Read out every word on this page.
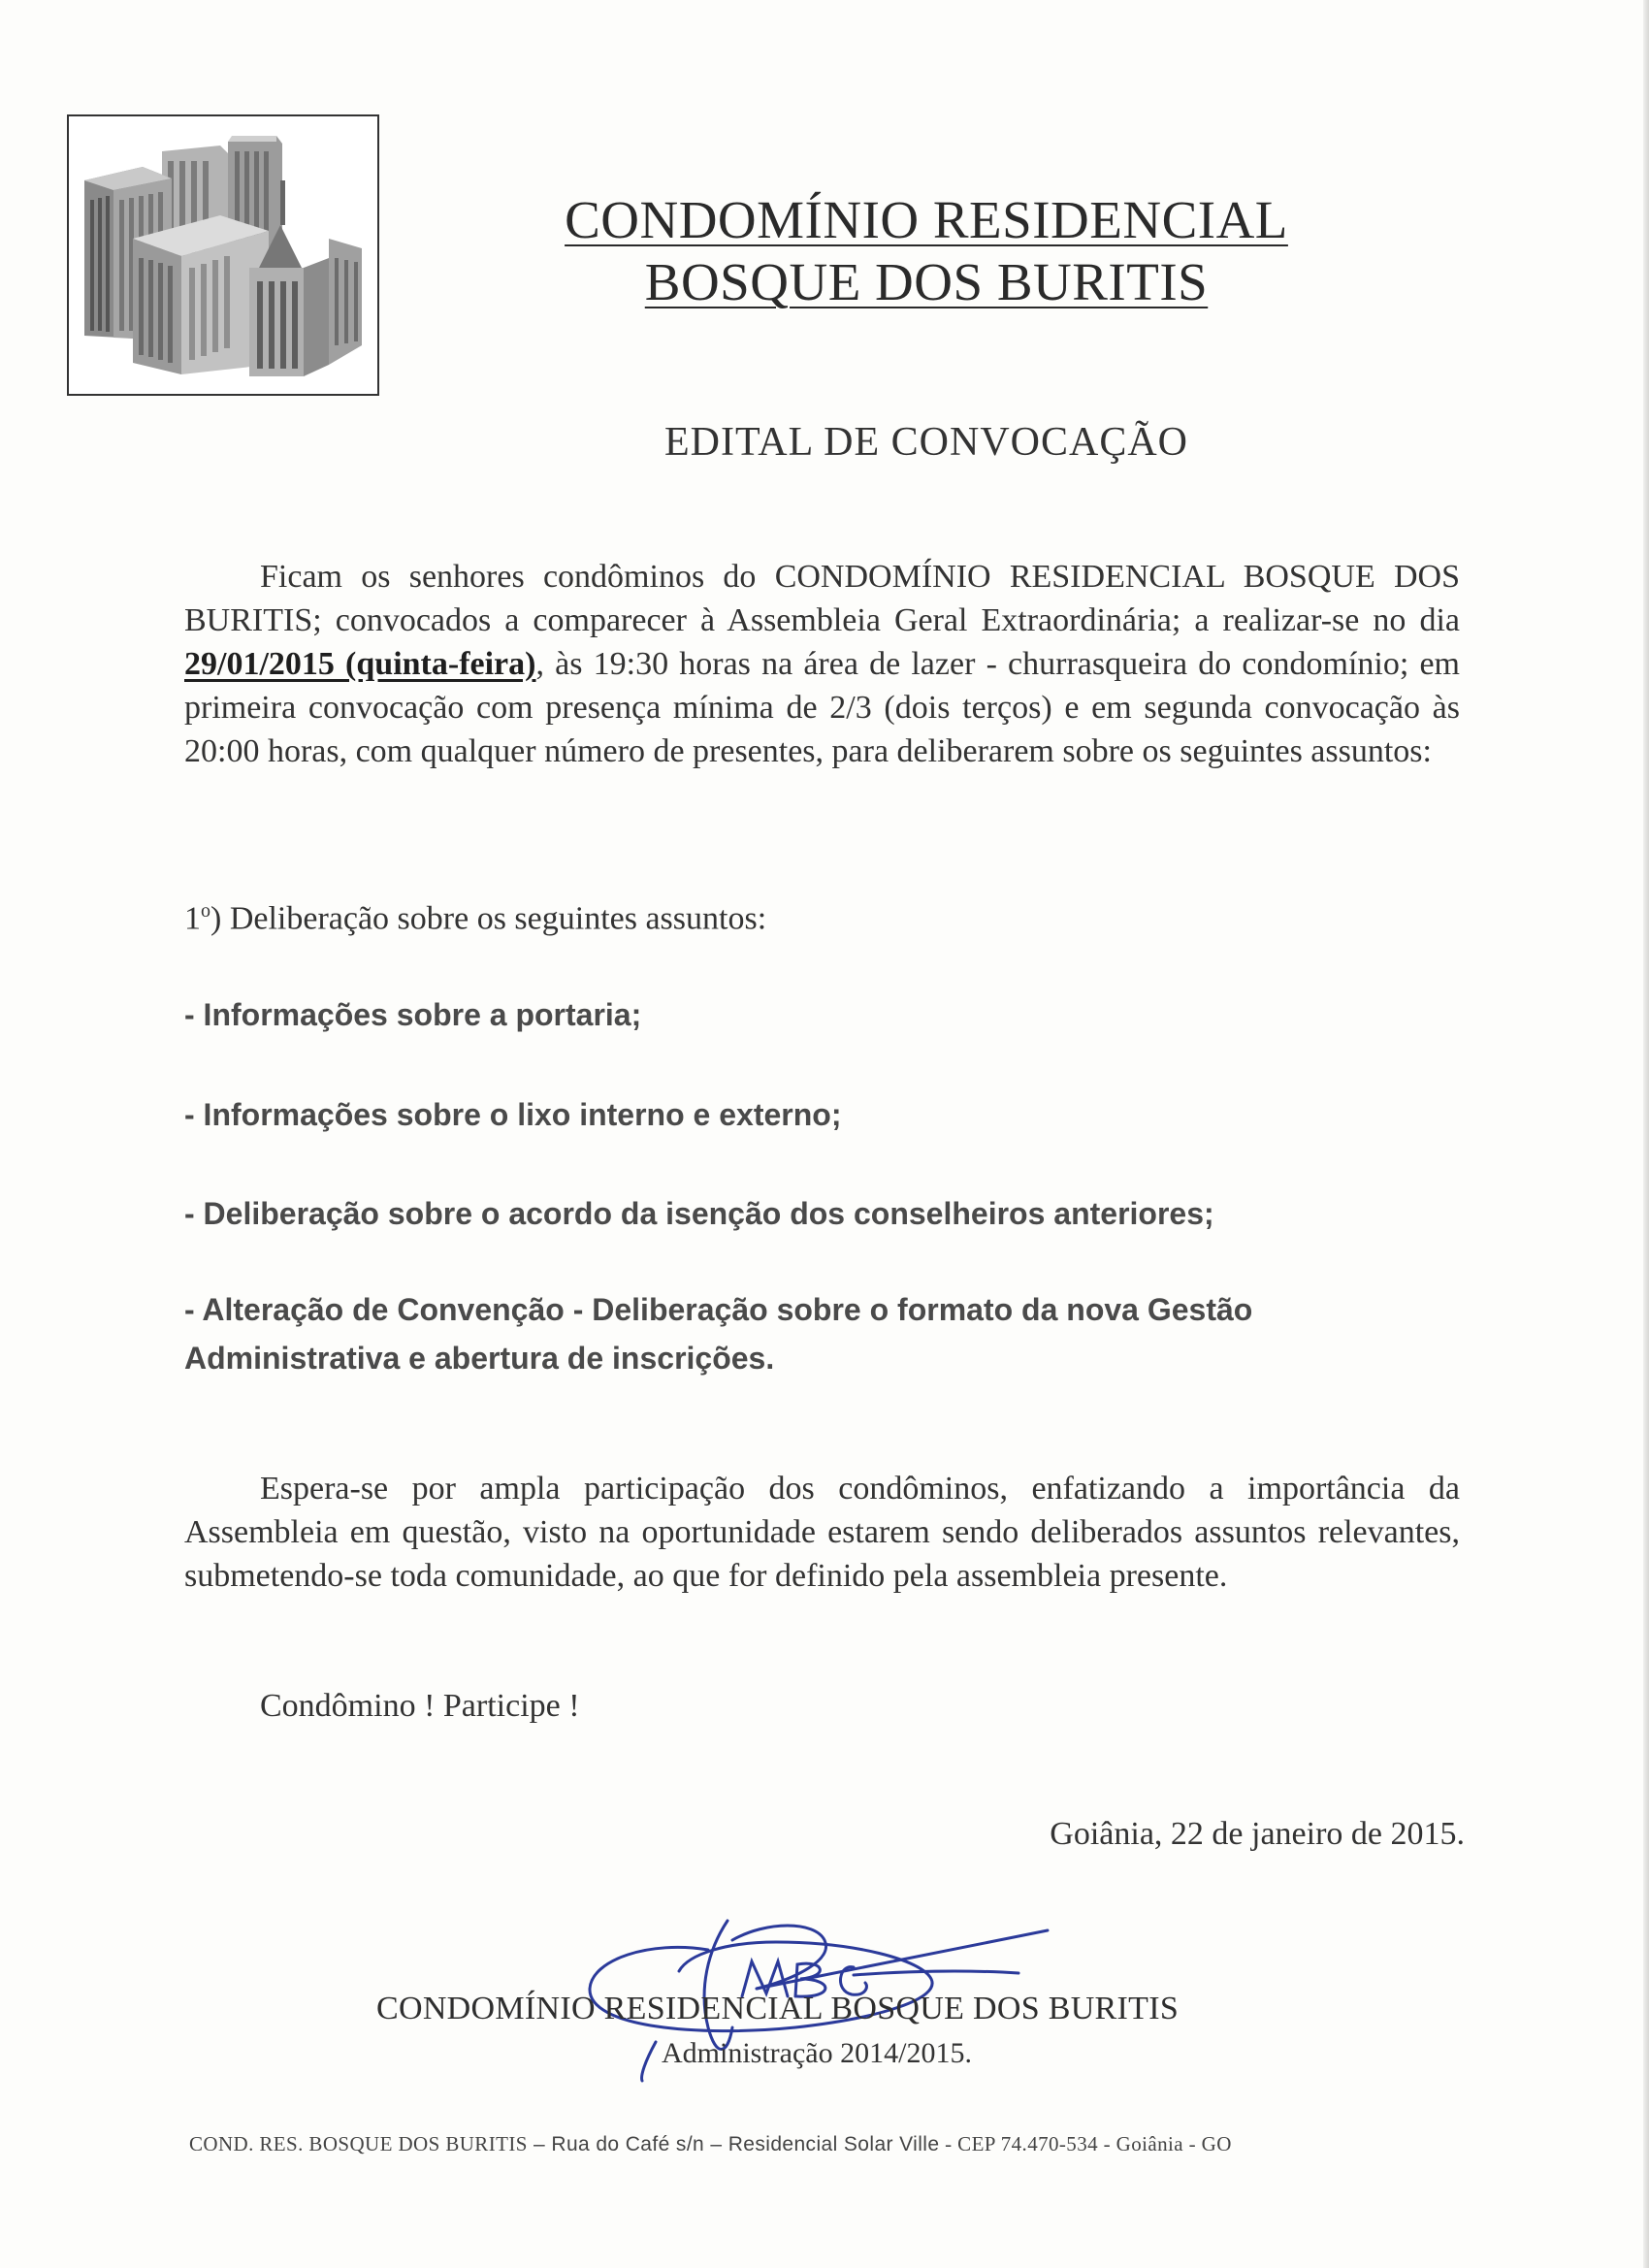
CONDOMÍNIO RESIDENCIAL
BOSQUE DOS BURITIS
EDITAL DE CONVOCAÇÃO
Ficam os senhores condôminos do CONDOMÍNIO RESIDENCIAL BOSQUE DOS BURITIS; convocados a comparecer à Assembleia Geral Extraordinária; a realizar-se no dia 29/01/2015 (quinta-feira), às 19:30 horas na área de lazer - churrasqueira do condomínio; em primeira convocação com presença mínima de 2/3 (dois terços) e em segunda convocação às 20:00 horas, com qualquer número de presentes, para deliberarem sobre os seguintes assuntos:
1$^o$) Deliberação sobre os seguintes assuntos:
- Informações sobre a portaria;
- Informações sobre o lixo interno e externo;
- Deliberação sobre o acordo da isenção dos conselheiros anteriores;
- Alteração de Convenção - Deliberação sobre o formato da nova Gestão Administrativa e abertura de inscrições.
Espera-se por ampla participação dos condôminos, enfatizando a importância da Assembleia em questão, visto na oportunidade estarem sendo deliberados assuntos relevantes, submetendo-se toda comunidade, ao que for definido pela assembleia presente.
Condômino ! Participe !
Goiânia, 22 de janeiro de 2015.
CONDOMÍNIO RESIDENCIAL BOSQUE DOS BURITIS
Administração 2014/2015.
COND. RES. BOSQUE DOS BURITIS – Rua do Café s/n – Residencial Solar Ville - CEP 74.470-534 - Goiânia - GO
